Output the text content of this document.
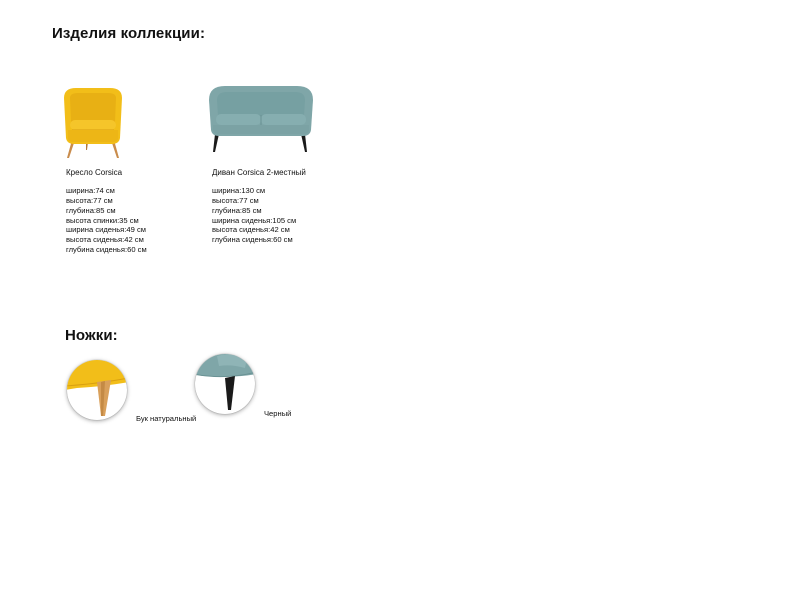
Изделия коллекции:
Кресло Corsica
ширина:74 см
высота:77 см
глубина:85 см
высота спинки:35 см
ширина сиденья:49 см
высота сиденья:42 см
глубина сиденья:60 см
Диван Corsica 2-местный
ширина:130 см
высота:77 см
глубина:85 см
ширина сиденья:105 см
высота сиденья:42 см
глубина сиденья:60 см
Ножки:
Бук натуральный
Черный
